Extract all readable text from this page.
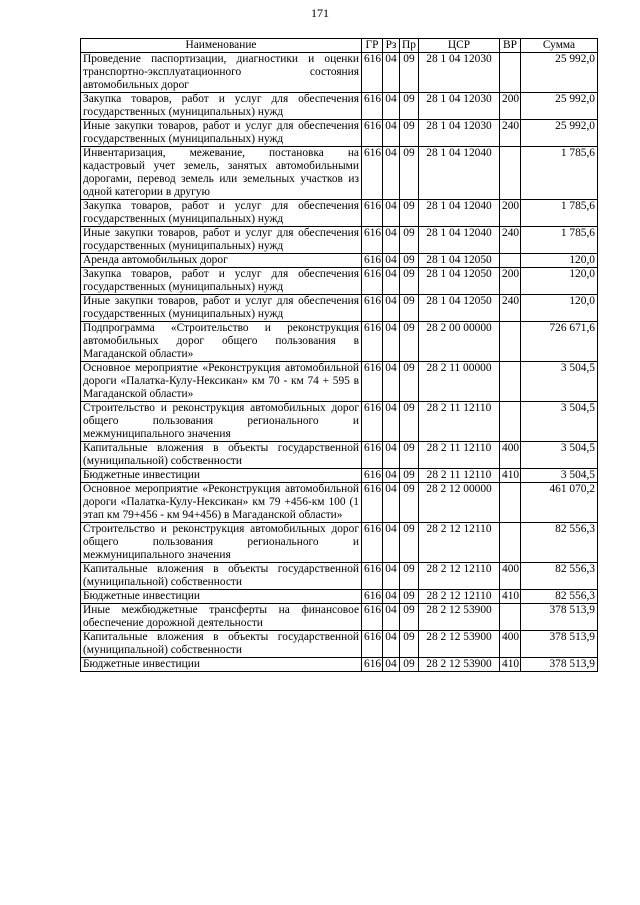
171
Наименование	ГР	Рз	Пр	ЦСР	ВР	Сумма
Проведение паспортизации, диагностики и оценки транспортно-эксплуатационного состояния автомобильных дорог	616	04	09	28 1 04 12030		25 992,0
Закупка товаров, работ и услуг для обеспечения государственных (муниципальных) нужд	616	04	09	28 1 04 12030	200	25 992,0
Иные закупки товаров, работ и услуг для обеспечения государственных (муниципальных) нужд	616	04	09	28 1 04 12030	240	25 992,0
Инвентаризация, межевание, постановка на кадастровый учет земель, занятых автомобильными дорогами, перевод земель или земельных участков из одной категории в другую	616	04	09	28 1 04 12040		1 785,6
Закупка товаров, работ и услуг для обеспечения государственных (муниципальных) нужд	616	04	09	28 1 04 12040	200	1 785,6
Иные закупки товаров, работ и услуг для обеспечения государственных (муниципальных) нужд	616	04	09	28 1 04 12040	240	1 785,6
Аренда автомобильных дорог	616	04	09	28 1 04 12050		120,0
Закупка товаров, работ и услуг для обеспечения государственных (муниципальных) нужд	616	04	09	28 1 04 12050	200	120,0
Иные закупки товаров, работ и услуг для обеспечения государственных (муниципальных) нужд	616	04	09	28 1 04 12050	240	120,0
Подпрограмма «Строительство и реконструкция автомобильных дорог общего пользования в Магаданской области»	616	04	09	28 2 00 00000		726 671,6
Основное мероприятие «Реконструкция автомобильной дороги «Палатка-Кулу-Нексикан» км 70 - км 74 + 595 в Магаданской области»	616	04	09	28 2 11 00000		3 504,5
Строительство и реконструкция автомобильных дорог общего пользования регионального и межмуниципального значения	616	04	09	28 2 11 12110		3 504,5
Капитальные вложения в объекты государственной (муниципальной) собственности	616	04	09	28 2 11 12110	400	3 504,5
Бюджетные инвестиции	616	04	09	28 2 11 12110	410	3 504,5
Основное мероприятие «Реконструкция автомобильной дороги «Палатка-Кулу-Нексикан» км 79 +456-км 100 (1 этап км 79+456 - км 94+456) в Магаданской области»	616	04	09	28 2 12 00000		461 070,2
Строительство и реконструкция автомобильных дорог общего пользования регионального и межмуниципального значения	616	04	09	28 2 12 12110		82 556,3
Капитальные вложения в объекты государственной (муниципальной) собственности	616	04	09	28 2 12 12110	400	82 556,3
Бюджетные инвестиции	616	04	09	28 2 12 12110	410	82 556,3
Иные межбюджетные трансферты на финансовое обеспечение дорожной деятельности	616	04	09	28 2 12 53900		378 513,9
Капитальные вложения в объекты государственной (муниципальной) собственности	616	04	09	28 2 12 53900	400	378 513,9
Бюджетные инвестиции	616	04	09	28 2 12 53900	410	378 513,9
